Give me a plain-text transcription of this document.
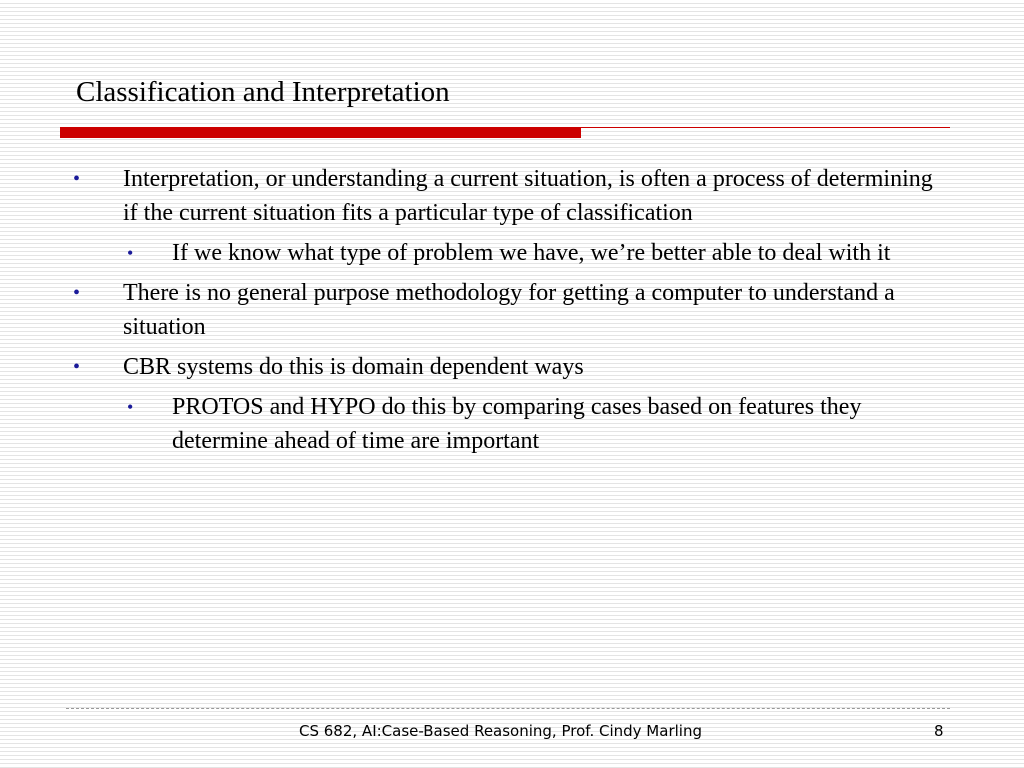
Classification and Interpretation
• Interpretation, or understanding a current situation, is often a process of determining if the current situation fits a particular type of classification
• If we know what type of problem we have, we’re better able to deal with it
• There is no general purpose methodology for getting a computer to understand a situation
• CBR systems do this is domain dependent ways
• PROTOS and HYPO do this by comparing cases based on features they determine ahead of time are important
CS 682, AI:Case-Based Reasoning, Prof. Cindy Marling	8
